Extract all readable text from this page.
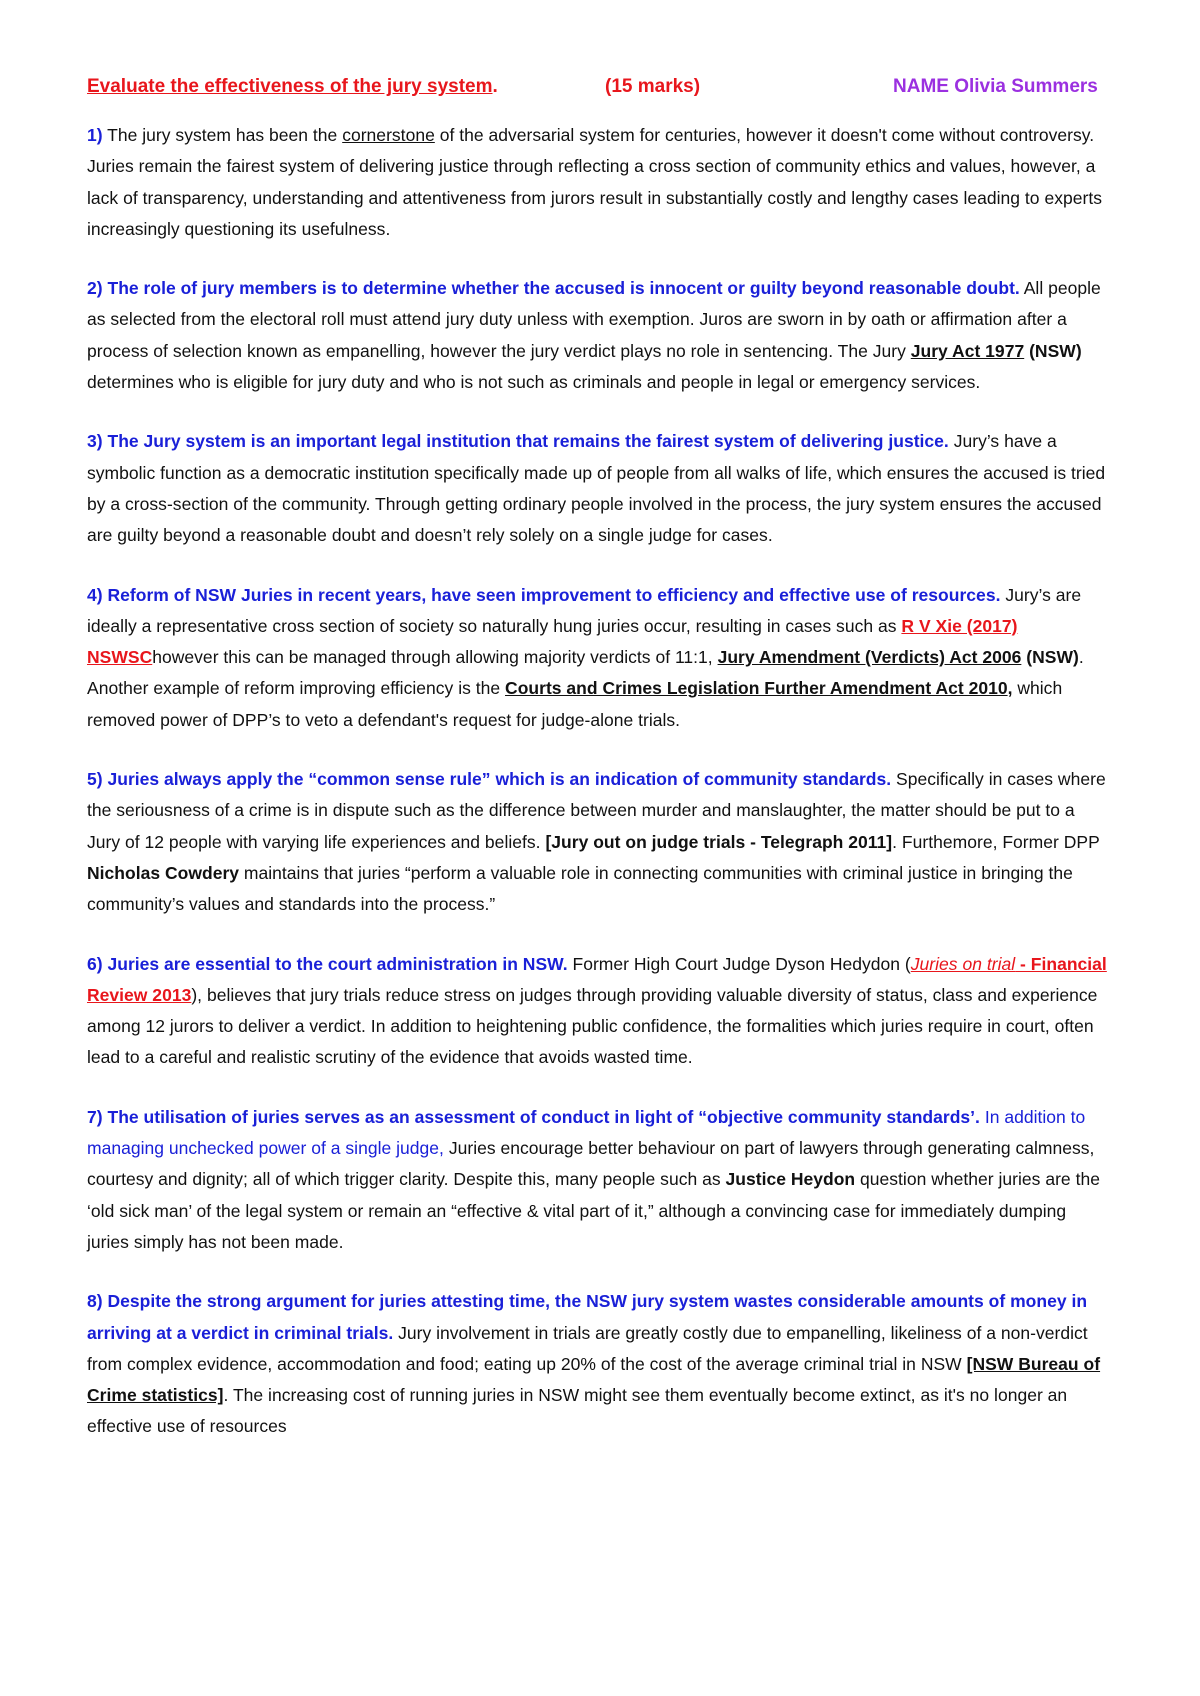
Evaluate the effectiveness of the jury system.	(15 marks)	NAME Olivia Summers

1) The jury system has been the cornerstone of the adversarial system for centuries, however it doesn't come without controversy. Juries remain the fairest system of delivering justice through reflecting a cross section of community ethics and values, however, a lack of transparency, understanding and attentiveness from jurors result in substantially costly and lengthy cases leading to experts increasingly questioning its usefulness.

2) The role of jury members is to determine whether the accused is innocent or guilty beyond reasonable doubt. All people as selected from the electoral roll must attend jury duty unless with exemption. Juros are sworn in by oath or affirmation after a process of selection known as empanelling, however the jury verdict plays no role in sentencing. The Jury Jury Act 1977 (NSW) determines who is eligible for jury duty and who is not such as criminals and people in legal or emergency services.

3) The Jury system is an important legal institution that remains the fairest system of delivering justice. Jury’s have a symbolic function as a democratic institution specifically made up of people from all walks of life, which ensures the accused is tried by a cross-section of the community. Through getting ordinary people involved in the process, the jury system ensures the accused are guilty beyond a reasonable doubt and doesn’t rely solely on a single judge for cases.

4) Reform of NSW Juries in recent years, have seen improvement to efficiency and effective use of resources. Jury’s are ideally a representative cross section of society so naturally hung juries occur, resulting in cases such as R V Xie (2017) NSWSChowever this can be managed through allowing majority verdicts of 11:1, Jury Amendment (Verdicts) Act 2006 (NSW). Another example of reform improving efficiency is the Courts and Crimes Legislation Further Amendment Act 2010, which removed power of DPP’s to veto a defendant's request for judge-alone trials.

5) Juries always apply the “common sense rule” which is an indication of community standards. Specifically in cases where the seriousness of a crime is in dispute such as the difference between murder and manslaughter, the matter should be put to a Jury of 12 people with varying life experiences and beliefs. [Jury out on judge trials - Telegraph 2011]. Furthemore, Former DPP Nicholas Cowdery maintains that juries “perform a valuable role in connecting communities with criminal justice in bringing the community’s values and standards into the process.”

6) Juries are essential to the court administration in NSW. Former High Court Judge Dyson Hedydon (Juries on trial - Financial Review 2013), believes that jury trials reduce stress on judges through providing valuable diversity of status, class and experience among 12 jurors to deliver a verdict. In addition to heightening public confidence, the formalities which juries require in court, often lead to a careful and realistic scrutiny of the evidence that avoids wasted time.

7) The utilisation of juries serves as an assessment of conduct in light of “objective community standards’. In addition to managing unchecked power of a single judge, Juries encourage better behaviour on part of lawyers through generating calmness, courtesy and dignity; all of which trigger clarity. Despite this, many people such as Justice Heydon question whether juries are the ‘old sick man’ of the legal system or remain an “effective & vital part of it,” although a convincing case for immediately dumping juries simply has not been made.

8) Despite the strong argument for juries attesting time, the NSW jury system wastes considerable amounts of money in arriving at a verdict in criminal trials. Jury involvement in trials are greatly costly due to empanelling, likeliness of a non-verdict from complex evidence, accommodation and food; eating up 20% of the cost of the average criminal trial in NSW [NSW Bureau of Crime statistics]. The increasing cost of running juries in NSW might see them eventually become extinct, as it's no longer an effective use of resources
